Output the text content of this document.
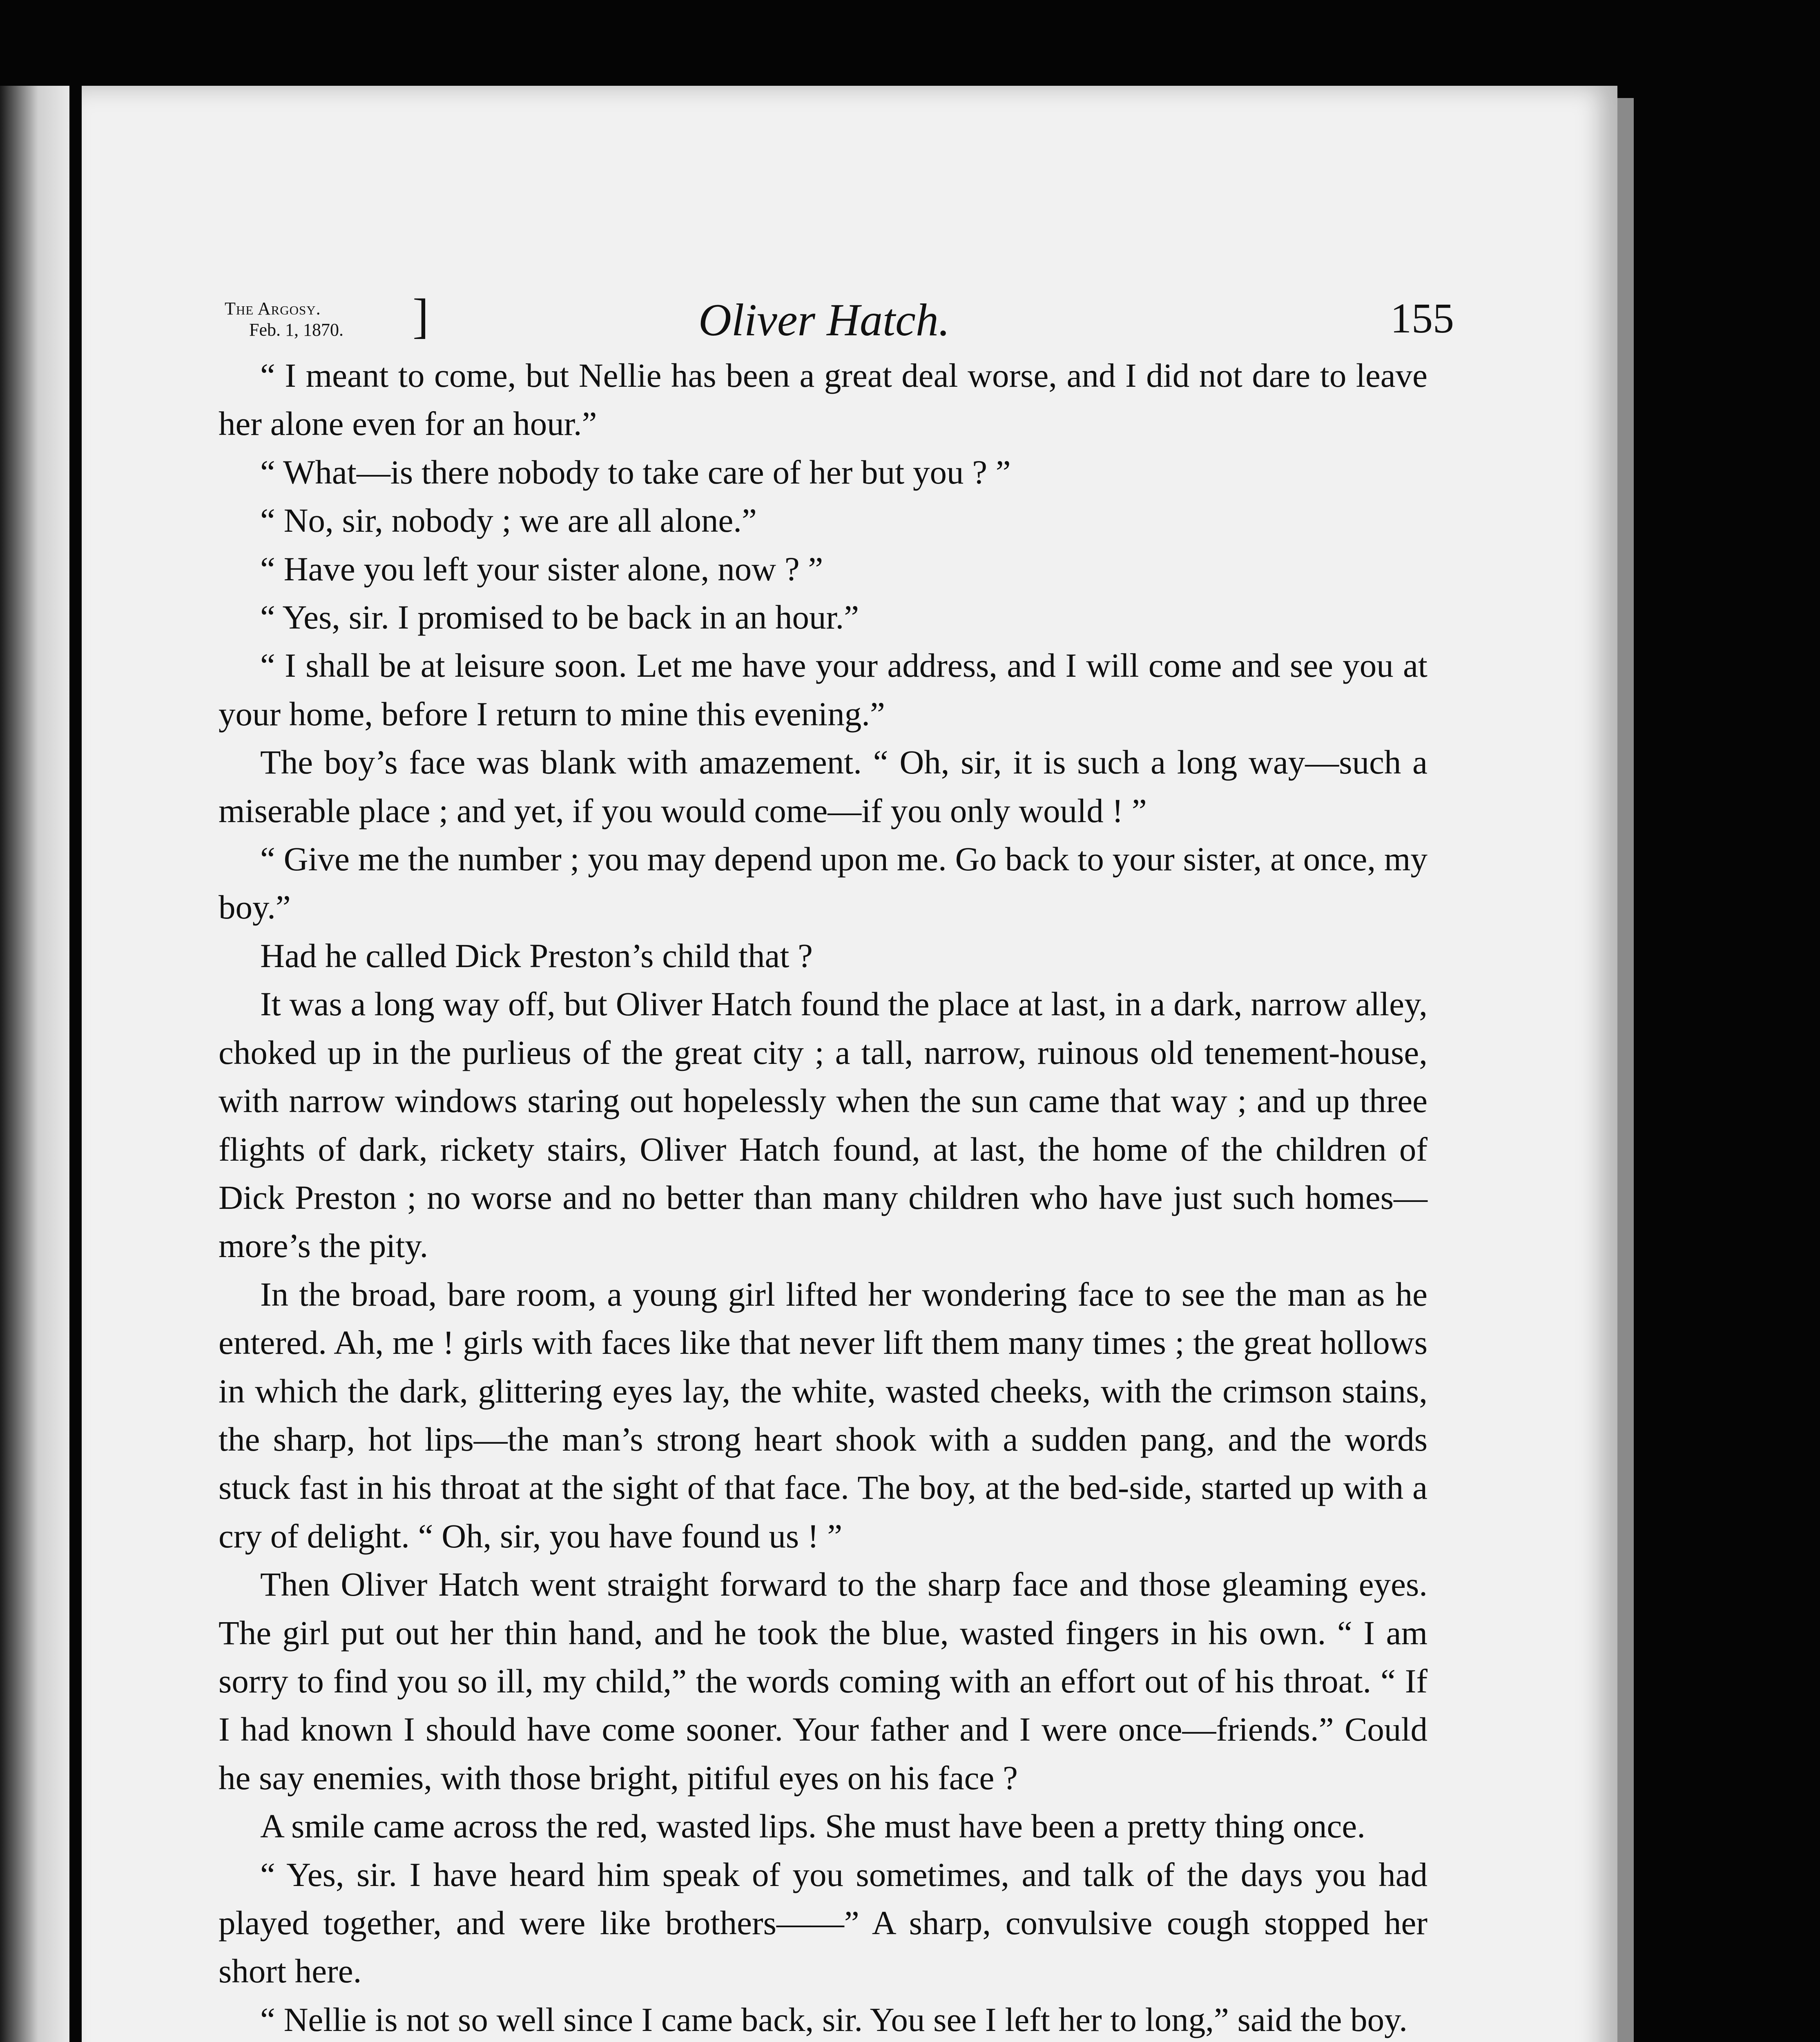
The Argosy.
Feb. 1, 1870. ]	Oliver Hatch.	155

“ I meant to come, but Nellie has been a great deal worse, and I did not dare to leave her alone even for an hour.”

“ What—is there nobody to take care of her but you ? ”

“ No, sir, nobody ; we are all alone.”

“ Have you left your sister alone, now ? ”

“ Yes, sir. I promised to be back in an hour.”

“ I shall be at leisure soon. Let me have your address, and I will come and see you at your home, before I return to mine this evening.”

The boy’s face was blank with amazement. “ Oh, sir, it is such a long way—such a miserable place ; and yet, if you would come—if you only would ! ”

“ Give me the number ; you may depend upon me. Go back to your sister, at once, my boy.”

Had he called Dick Preston’s child that ?

It was a long way off, but Oliver Hatch found the place at last, in a dark, narrow alley, choked up in the purlieus of the great city ; a tall, narrow, ruinous old tenement-house, with narrow windows staring out hopelessly when the sun came that way ; and up three flights of dark, rickety stairs, Oliver Hatch found, at last, the home of the children of Dick Preston ; no worse and no better than many children who have just such homes—more’s the pity.

In the broad, bare room, a young girl lifted her wondering face to see the man as he entered. Ah, me ! girls with faces like that never lift them many times ; the great hollows in which the dark, glittering eyes lay, the white, wasted cheeks, with the crimson stains, the sharp, hot lips—the man’s strong heart shook with a sudden pang, and the words stuck fast in his throat at the sight of that face. The boy, at the bed-side, started up with a cry of delight. “ Oh, sir, you have found us ! ”

Then Oliver Hatch went straight forward to the sharp face and those gleaming eyes. The girl put out her thin hand, and he took the blue, wasted fingers in his own. “ I am sorry to find you so ill, my child,” the words coming with an effort out of his throat. “ If I had known I should have come sooner. Your father and I were once—friends.” Could he say enemies, with those bright, pitiful eyes on his face ?

A smile came across the red, wasted lips. She must have been a pretty thing once.

“ Yes, sir. I have heard him speak of you sometimes, and talk of the days you had played together, and were like brothers——” A sharp, convulsive cough stopped her short here.

“ Nellie is not so well since I came back, sir. You see I left her to long,” said the boy.
